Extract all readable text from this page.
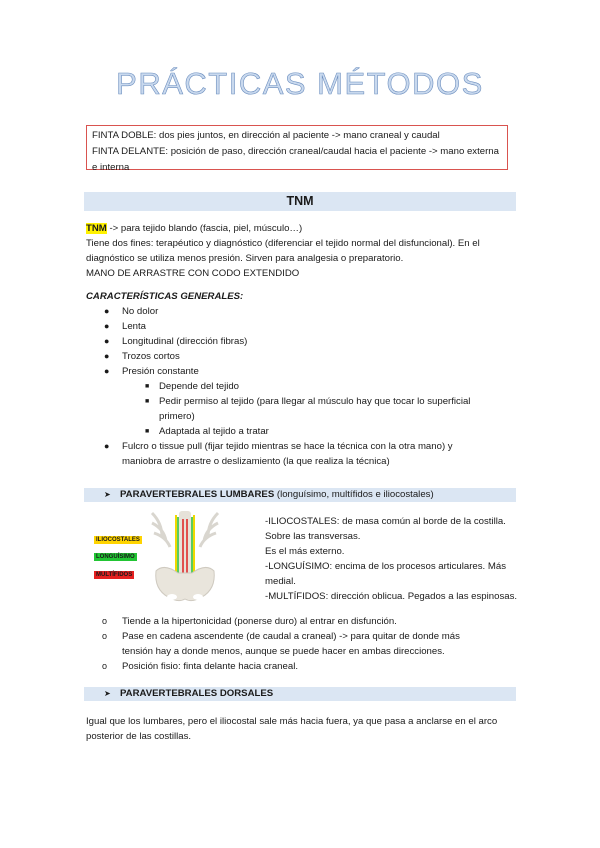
PRÁCTICAS MÉTODOS
FINTA DOBLE: dos pies juntos, en dirección al paciente -> mano craneal y caudal
FINTA DELANTE: posición de paso, dirección craneal/caudal hacia el paciente -> mano externa e interna
TNM
TNM -> para tejido blando (fascia, piel, músculo…)
Tiene dos fines: terapéutico y diagnóstico (diferenciar el tejido normal del disfuncional). En el diagnóstico se utiliza menos presión. Sirven para analgesia o preparatorio.
MANO DE ARRASTRE CON CODO EXTENDIDO
CARACTERÍSTICAS GENERALES:
● No dolor
● Lenta
● Longitudinal (dirección fibras)
● Trozos cortos
● Presión constante
■ Depende del tejido
■ Pedir permiso al tejido (para llegar al músculo hay que tocar lo superficial primero)
■ Adaptada al tejido a tratar
● Fulcro o tissue pull (fijar tejido mientras se hace la técnica con la otra mano) y maniobra de arrastre o deslizamiento (la que realiza la técnica)
➤ PARAVERTEBRALES LUMBARES (longuísimo, multífidos e iliocostales)
ILIOCOSTALES
LONGUÍSIMO
MULTÍFIDOS
-ILIOCOSTALES: de masa común al borde de la costilla. Sobre las transversas.
Es el más externo.
-LONGUÍSIMO: encima de los procesos articulares. Más medial.
-MULTÍFIDOS: dirección oblicua. Pegados a las espinosas.
o Tiende a la hipertonicidad (ponerse duro) al entrar en disfunción.
o Pase en cadena ascendente (de caudal a craneal) -> para quitar de donde más tensión hay a donde menos, aunque se puede hacer en ambas direcciones.
o Posición fisio: finta delante hacia craneal.
➤ PARAVERTEBRALES DORSALES
Igual que los lumbares, pero el iliocostal sale más hacia fuera, ya que pasa a anclarse en el arco posterior de las costillas.
